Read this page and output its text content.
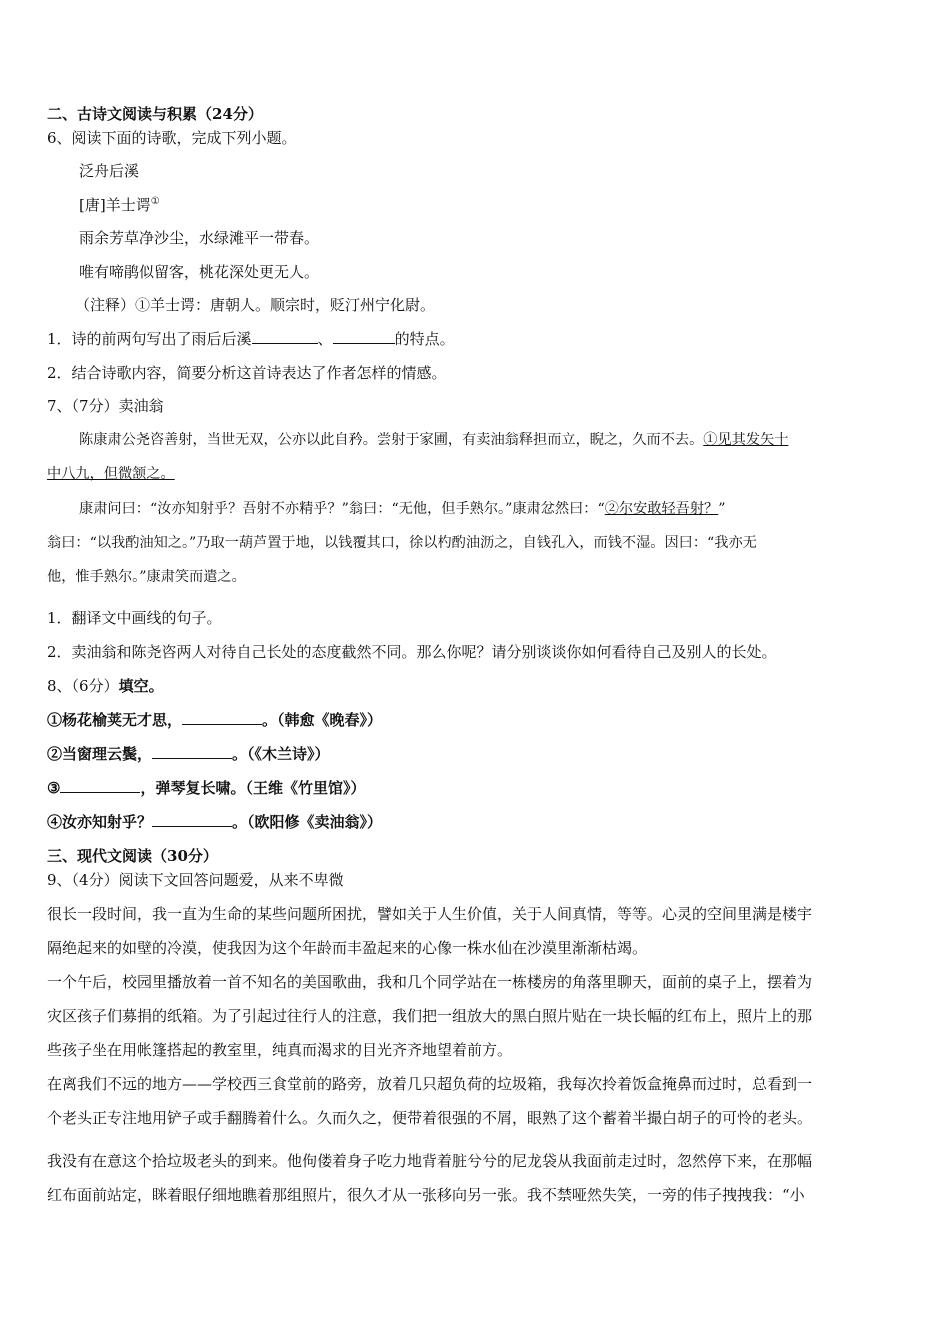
二、古诗文阅读与积累（24分）
6、阅读下面的诗歌，完成下列小题。
泛舟后溪
[唐]羊士谔①
雨余芳草净沙尘，水绿滩平一带春。
唯有啼鹃似留客，桃花深处更无人。
（注释）①羊士谔：唐朝人。顺宗时，贬汀州宁化尉。
1．诗的前两句写出了雨后后溪	、	的特点。
2．结合诗歌内容，简要分析这首诗表达了作者怎样的情感。
7、（7分）卖油翁
陈康肃公尧咨善射，当世无双，公亦以此自矜。尝射于家圃，有卖油翁释担而立，睨之，久而不去。①见其发矢十
中八九，但微颔之。
康肃问曰：“汝亦知射乎？吾射不亦精乎？”翁曰：“无他，但手熟尔。”康肃忿然曰：“②尔安敢轻吾射？”
翁曰：“以我酌油知之。”乃取一葫芦置于地，以钱覆其口，徐以杓酌油沥之，自钱孔入，而钱不湿。因曰：“我亦无
他，惟手熟尔。”康肃笑而遣之。
1．翻译文中画线的句子。
2．卖油翁和陈尧咨两人对待自己长处的态度截然不同。那么你呢？请分别谈谈你如何看待自己及别人的长处。
8、（6分）填空。
①杨花榆荚无才思，	。（韩愈《晚春》）
②当窗理云鬓，	。（《木兰诗》）
③	，弹琴复长啸。（王维《竹里馆》）
④汝亦知射乎？	。（欧阳修《卖油翁》）
三、现代文阅读（30分）
9、（4分）阅读下文回答问题爱，从来不卑微
很长一段时间，我一直为生命的某些问题所困扰，譬如关于人生价值，关于人间真情，等等。心灵的空间里满是楼宇
隔绝起来的如壁的冷漠，使我因为这个年龄而丰盈起来的心像一株水仙在沙漠里渐渐枯竭。
一个午后，校园里播放着一首不知名的美国歌曲，我和几个同学站在一栋楼房的角落里聊天，面前的桌子上，摆着为
灾区孩子们募捐的纸箱。为了引起过往行人的注意，我们把一组放大的黑白照片贴在一块长幅的红布上，照片上的那
些孩子坐在用帐篷搭起的教室里，纯真而渴求的目光齐齐地望着前方。
在离我们不远的地方——学校西三食堂前的路旁，放着几只超负荷的垃圾箱，我每次拎着饭盒掩鼻而过时，总看到一
个老头正专注地用铲子或手翻腾着什么。久而久之，便带着很强的不屑，眼熟了这个蓄着半撮白胡子的可怜的老头。
我没有在意这个拾垃圾老头的到来。他佝偻着身子吃力地背着脏兮兮的尼龙袋从我面前走过时，忽然停下来，在那幅
红布面前站定，眯着眼仔细地瞧着那组照片，很久才从一张移向另一张。我不禁哑然失笑，一旁的伟子拽拽我：“小
